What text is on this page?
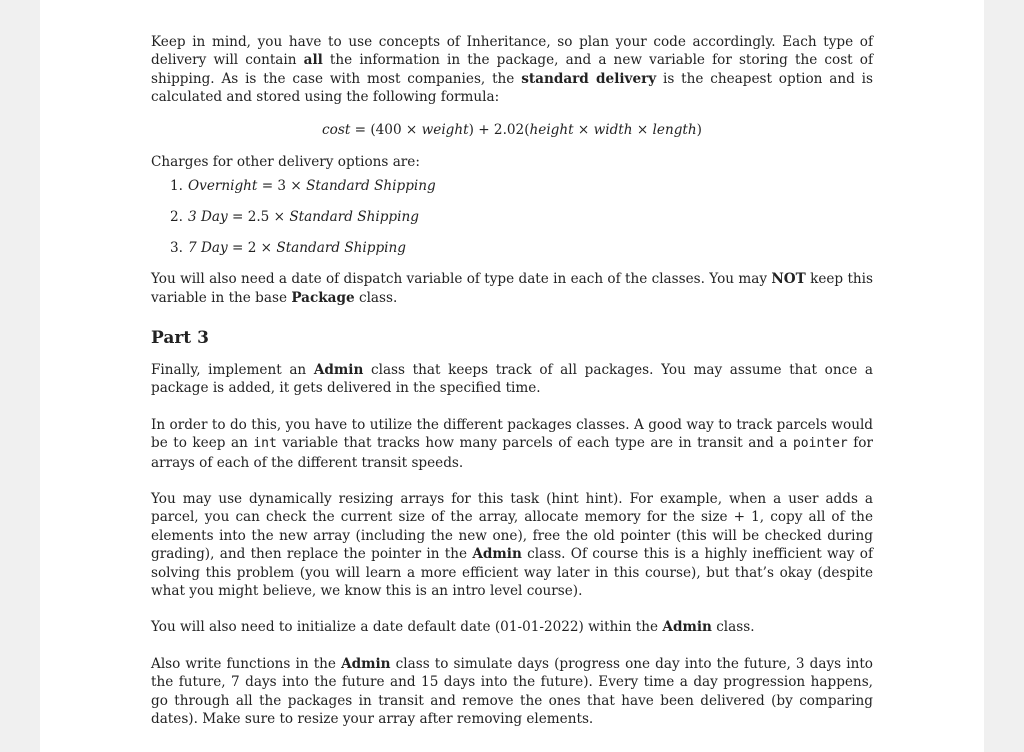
Keep in mind, you have to use concepts of Inheritance, so plan your code accordingly. Each type of delivery will contain all the information in the package, and a new variable for storing the cost of shipping. As is the case with most companies, the standard delivery is the cheapest option and is calculated and stored using the following formula:

cost = (400 × weight) + 2.02(height × width × length)

Charges for other delivery options are:

1. Overnight = 3 × Standard Shipping
2. 3 Day = 2.5 × Standard Shipping
3. 7 Day = 2 × Standard Shipping

You will also need a date of dispatch variable of type date in each of the classes. You may NOT keep this variable in the base Package class.

Part 3

Finally, implement an Admin class that keeps track of all packages. You may assume that once a package is added, it gets delivered in the specified time.

In order to do this, you have to utilize the different packages classes. A good way to track parcels would be to keep an int variable that tracks how many parcels of each type are in transit and a pointer for arrays of each of the different transit speeds.

You may use dynamically resizing arrays for this task (hint hint). For example, when a user adds a parcel, you can check the current size of the array, allocate memory for the size + 1, copy all of the elements into the new array (including the new one), free the old pointer (this will be checked during grading), and then replace the pointer in the Admin class. Of course this is a highly inefficient way of solving this problem (you will learn a more efficient way later in this course), but that’s okay (despite what you might believe, we know this is an intro level course).

You will also need to initialize a date default date (01-01-2022) within the Admin class.

Also write functions in the Admin class to simulate days (progress one day into the future, 3 days into the future, 7 days into the future and 15 days into the future). Every time a day progression happens, go through all the packages in transit and remove the ones that have been delivered (by comparing dates). Make sure to resize your array after removing elements.
